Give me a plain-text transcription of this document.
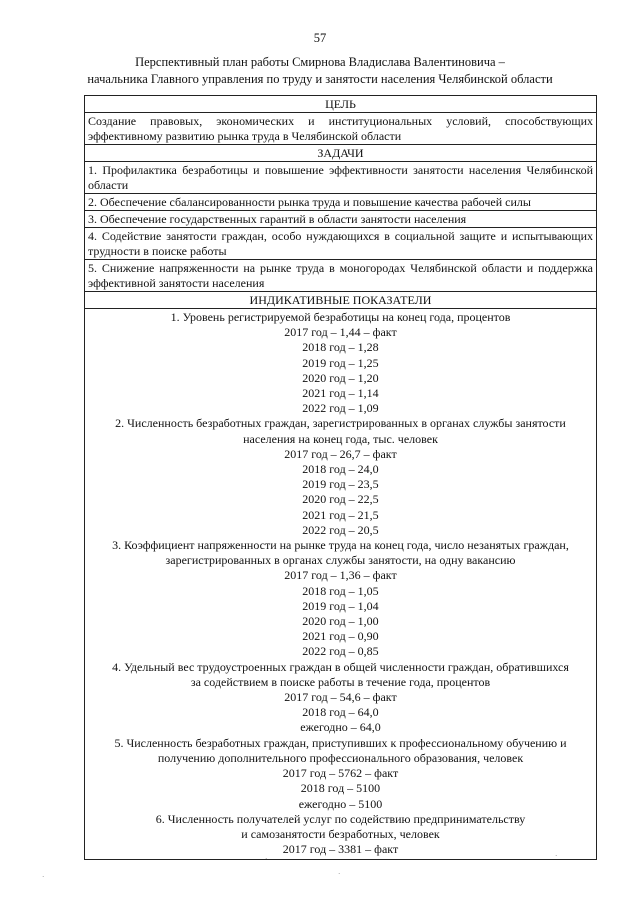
57
Перспективный план работы Смирнова Владислава Валентиновича –
начальника Главного управления по труду и занятости населения Челябинской области
ЦЕЛЬ
Создание правовых, экономических и институциональных условий, способствующих эффективному развитию рынка труда в Челябинской области
ЗАДАЧИ
1. Профилактика безработицы и повышение эффективности занятости населения Челябинской области
2. Обеспечение сбалансированности рынка труда и повышение качества рабочей силы
3. Обеспечение государственных гарантий в области занятости населения
4. Содействие занятости граждан, особо нуждающихся в социальной защите и испытывающих трудности в поиске работы
5. Снижение напряженности на рынке труда в моногородах Челябинской области и поддержка эффективной занятости населения
ИНДИКАТИВНЫЕ ПОКАЗАТЕЛИ
1. Уровень регистрируемой безработицы на конец года, процентов
2017 год – 1,44 – факт
2018 год – 1,28
2019 год – 1,25
2020 год – 1,20
2021 год – 1,14
2022 год – 1,09
2. Численность безработных граждан, зарегистрированных в органах службы занятости
населения на конец года, тыс. человек
2017 год – 26,7 – факт
2018 год – 24,0
2019 год – 23,5
2020 год – 22,5
2021 год – 21,5
2022 год – 20,5
3. Коэффициент напряженности на рынке труда на конец года, число незанятых граждан,
зарегистрированных в органах службы занятости, на одну вакансию
2017 год – 1,36 – факт
2018 год – 1,05
2019 год – 1,04
2020 год – 1,00
2021 год – 0,90
2022 год – 0,85
4. Удельный вес трудоустроенных граждан в общей численности граждан, обратившихся
за содействием в поиске работы в течение года, процентов
2017 год – 54,6 – факт
2018 год – 64,0
ежегодно – 64,0
5. Численность безработных граждан, приступивших к профессиональному обучению и
получению дополнительного профессионального образования, человек
2017 год – 5762 – факт
2018 год – 5100
ежегодно – 5100
6. Численность получателей услуг по содействию предпринимательству
и самозанятости безработных, человек
2017 год – 3381 – факт
·
·
·
·
